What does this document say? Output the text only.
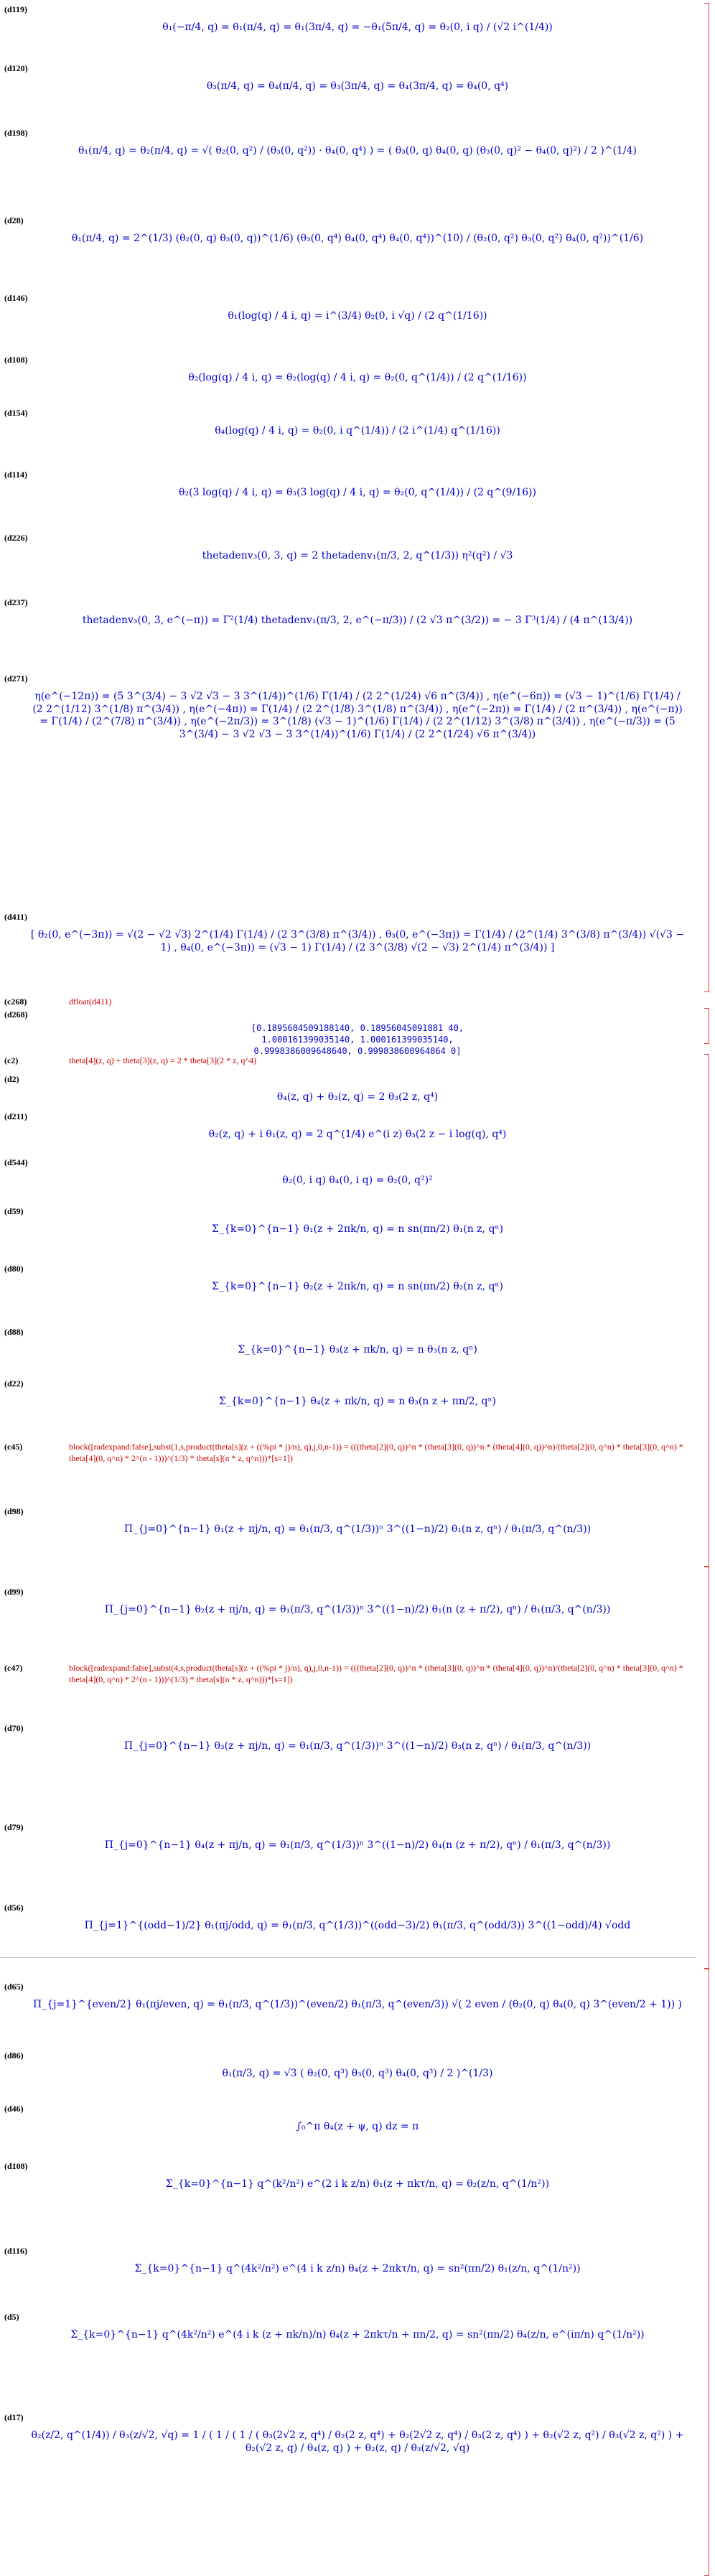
(d119)
θ₁(−π/4, q) = θ₁(π/4, q) = θ₁(3π/4, q) = −θ₁(5π/4, q) = θ₂(0, i q) / (√2 i^(1/4))
(d120)
θ₃(π/4, q) = θ₄(π/4, q) = θ₃(3π/4, q) = θ₄(3π/4, q) = θ₄(0, q⁴)
(d198)
θ₁(π/4, q) = θ₂(π/4, q) = √( θ₂(0, q²) / (θ₃(0, q²)) · θ₄(0, q⁴) ) = ( θ₃(0, q) θ₄(0, q) (θ₃(0, q)² − θ₄(0, q)²) / 2 )^(1/4)
(d28)
θ₁(π/4, q) = 2^(1/3) (θ₂(0, q) θ₃(0, q))^(1/6) (θ₃(0, q⁴) θ₄(0, q⁴) θ₄(0, q⁴))^(10) / (θ₂(0, q²) θ₃(0, q²) θ₄(0, q²))^(1/6)
(d146)
θ₁(log(q) / 4 i, q) = i^(3/4) θ₂(0, i √q) / (2 q^(1/16))
(d108)
θ₂(log(q) / 4 i, q) = θ₂(log(q) / 4 i, q) = θ₂(0, q^(1/4)) / (2 q^(1/16))
(d154)
θ₄(log(q) / 4 i, q) = θ₂(0, i q^(1/4)) / (2 i^(1/4) q^(1/16))
(d114)
θ₂(3 log(q) / 4 i, q) = θ₃(3 log(q) / 4 i, q) = θ₂(0, q^(1/4)) / (2 q^(9/16))
(d226)
thetadenv₃(0, 3, q) = 2 thetadenv₁(π/3, 2, q^(1/3)) η²(q²) / √3
(d237)
thetadenv₃(0, 3, e^(−π)) = Γ²(1/4) thetadenv₁(π/3, 2, e^(−π/3)) / (2 √3 π^(3/2)) = − 3 Γ³(1/4) / (4 π^(13/4))
(d271)
η(e^(−12π)) = (5 3^(3/4) − 3 √2 √3 − 3 3^(1/4))^(1/6) Γ(1/4) / (2 2^(1/24) √6 π^(3/4)) , η(e^(−6π)) = (√3 − 1)^(1/6) Γ(1/4) / (2 2^(1/12) 3^(1/8) π^(3/4)) , η(e^(−4π)) = Γ(1/4) / (2 2^(1/8) 3^(1/8) π^(3/4)) , η(e^(−2π)) = Γ(1/4) / (2 π^(3/4)) , η(e^(−π)) = Γ(1/4) / (2^(7/8) π^(3/4)) , η(e^(−2π/3)) = 3^(1/8) (√3 − 1)^(1/6) Γ(1/4) / (2 2^(1/12) 3^(3/8) π^(3/4)) , η(e^(−π/3)) = (5 3^(3/4) − 3 √2 √3 − 3 3^(1/4))^(1/6) Γ(1/4) / (2 2^(1/24) √6 π^(3/4))
(d411)
[ θ₂(0, e^(−3π)) = √(2 − √2 √3) 2^(1/4) Γ(1/4) / (2 3^(3/8) π^(3/4)) , θ₃(0, e^(−3π)) = Γ(1/4) / (2^(1/4) 3^(3/8) π^(3/4)) √(√3 − 1) , θ₄(0, e^(−3π)) = (√3 − 1) Γ(1/4) / (2 3^(3/8) √(2 − √3) 2^(1/4) π^(3/4)) ]
(c268)	dfloat(d411)
(d268)
[0.1895604509188140, 0.18956045091881 40,
1.000161399035140, 1.000161399035140,
0.9998386009648640, 0.999838600964864 0]
(c2)	theta[4](z, q) + theta[3](z, q) = 2 * theta[3](2 * z, q^4)
(d2)
θ₄(z, q) + θ₃(z, q) = 2 θ₃(2 z, q⁴)
(d211)
θ₂(z, q) + i θ₁(z, q) = 2 q^(1/4) e^(i z) θ₃(2 z − i log(q), q⁴)
(d544)
θ₂(0, i q) θ₄(0, i q) = θ₂(0, q²)²
(d59)
Σ_{k=0}^{n−1} θ₁(z + 2πk/n, q) = n sn(πn/2) θ₁(n z, qⁿ)
(d80)
Σ_{k=0}^{n−1} θ₂(z + 2πk/n, q) = n sn(πn/2) θ₂(n z, qⁿ)
(d88)
Σ_{k=0}^{n−1} θ₃(z + πk/n, q) = n θ₃(n z, qⁿ)
(d22)
Σ_{k=0}^{n−1} θ₄(z + πk/n, q) = n θ₃(n z + πn/2, qⁿ)
(c45)	block([radexpand:false],subst(1,s,product(theta[s](z + ((%pi * j)/n), q),j,0,n-1)) = (((theta[2](0, q))^n * (theta[3](0, q))^n * (theta[4](0, q))^n)/(theta[2](0, q^n) * theta[3](0, q^n) * theta[4](0, q^n) * 2^(n - 1)))^(1/3) * theta[s](n * z, q^n)))*[s=1])
(d98)
Π_{j=0}^{n−1} θ₁(z + πj/n, q) = θ₁(π/3, q^(1/3))ⁿ 3^((1−n)/2) θ₁(n z, qⁿ) / θ₁(π/3, q^(n/3))
(d99)
Π_{j=0}^{n−1} θ₂(z + πj/n, q) = θ₁(π/3, q^(1/3))ⁿ 3^((1−n)/2) θ₁(n (z + π/2), qⁿ) / θ₁(π/3, q^(n/3))
(c47)	block([radexpand:false],subst(4,s,product(theta[s](z + ((%pi * j)/n), q),j,0,n-1)) = (((theta[2](0, q))^n * (theta[3](0, q))^n * (theta[4](0, q))^n)/(theta[2](0, q^n) * theta[3](0, q^n) * theta[4](0, q^n) * 2^(n - 1)))^(1/3) * theta[s](n * z, q^n)))*[s=1])
(d70)
Π_{j=0}^{n−1} θ₃(z + πj/n, q) = θ₁(π/3, q^(1/3))ⁿ 3^((1−n)/2) θ₃(n z, qⁿ) / θ₁(π/3, q^(n/3))
(d79)
Π_{j=0}^{n−1} θ₄(z + πj/n, q) = θ₁(π/3, q^(1/3))ⁿ 3^((1−n)/2) θ₄(n (z + π/2), qⁿ) / θ₁(π/3, q^(n/3))
(d56)
Π_{j=1}^{(odd−1)/2} θ₁(πj/odd, q) = θ₁(π/3, q^(1/3))^((odd−3)/2) θ₁(π/3, q^(odd/3)) 3^((1−odd)/4) √odd
(d65)
Π_{j=1}^{even/2} θ₁(πj/even, q) = θ₁(π/3, q^(1/3))^(even/2) θ₁(π/3, q^(even/3)) √( 2 even / (θ₂(0, q) θ₄(0, q) 3^(even/2 + 1)) )
(d86)
θ₁(π/3, q) = √3 ( θ₂(0, q³) θ₃(0, q³) θ₄(0, q³) / 2 )^(1/3)
(d46)
∫₀^π θ₄(z + ψ, q) dz = π
(d108)
Σ_{k=0}^{n−1} q^(k²/n²) e^(2 i k z/n) θ₁(z + πkτ/n, q) = θ₂(z/n, q^(1/n²))
(d116)
Σ_{k=0}^{n−1} q^(4k²/n²) e^(4 i k z/n) θ₄(z + 2πkτ/n, q) = sn²(πn/2) θ₁(z/n, q^(1/n²))
(d5)
Σ_{k=0}^{n−1} q^(4k²/n²) e^(4 i k (z + πk/n)/n) θ₄(z + 2πkτ/n + πn/2, q) = sn²(πn/2) θ₄(z/n, e^(iπ/n) q^(1/n²))
(d17)
θ₂(z/2, q^(1/4)) / θ₃(z/√2, √q) = 1 / ( 1 / ( 1 / ( θ₃(2√2 z, q⁴) / θ₂(2 z, q⁴) + θ₂(2√2 z, q⁴) / θ₃(2 z, q⁴) ) + θ₂(√2 z, q²) / θ₃(√2 z, q²) ) + θ₂(√2 z, q) / θ₄(z, q) ) + θ₂(z, q) / θ₃(z/√2, √q)
